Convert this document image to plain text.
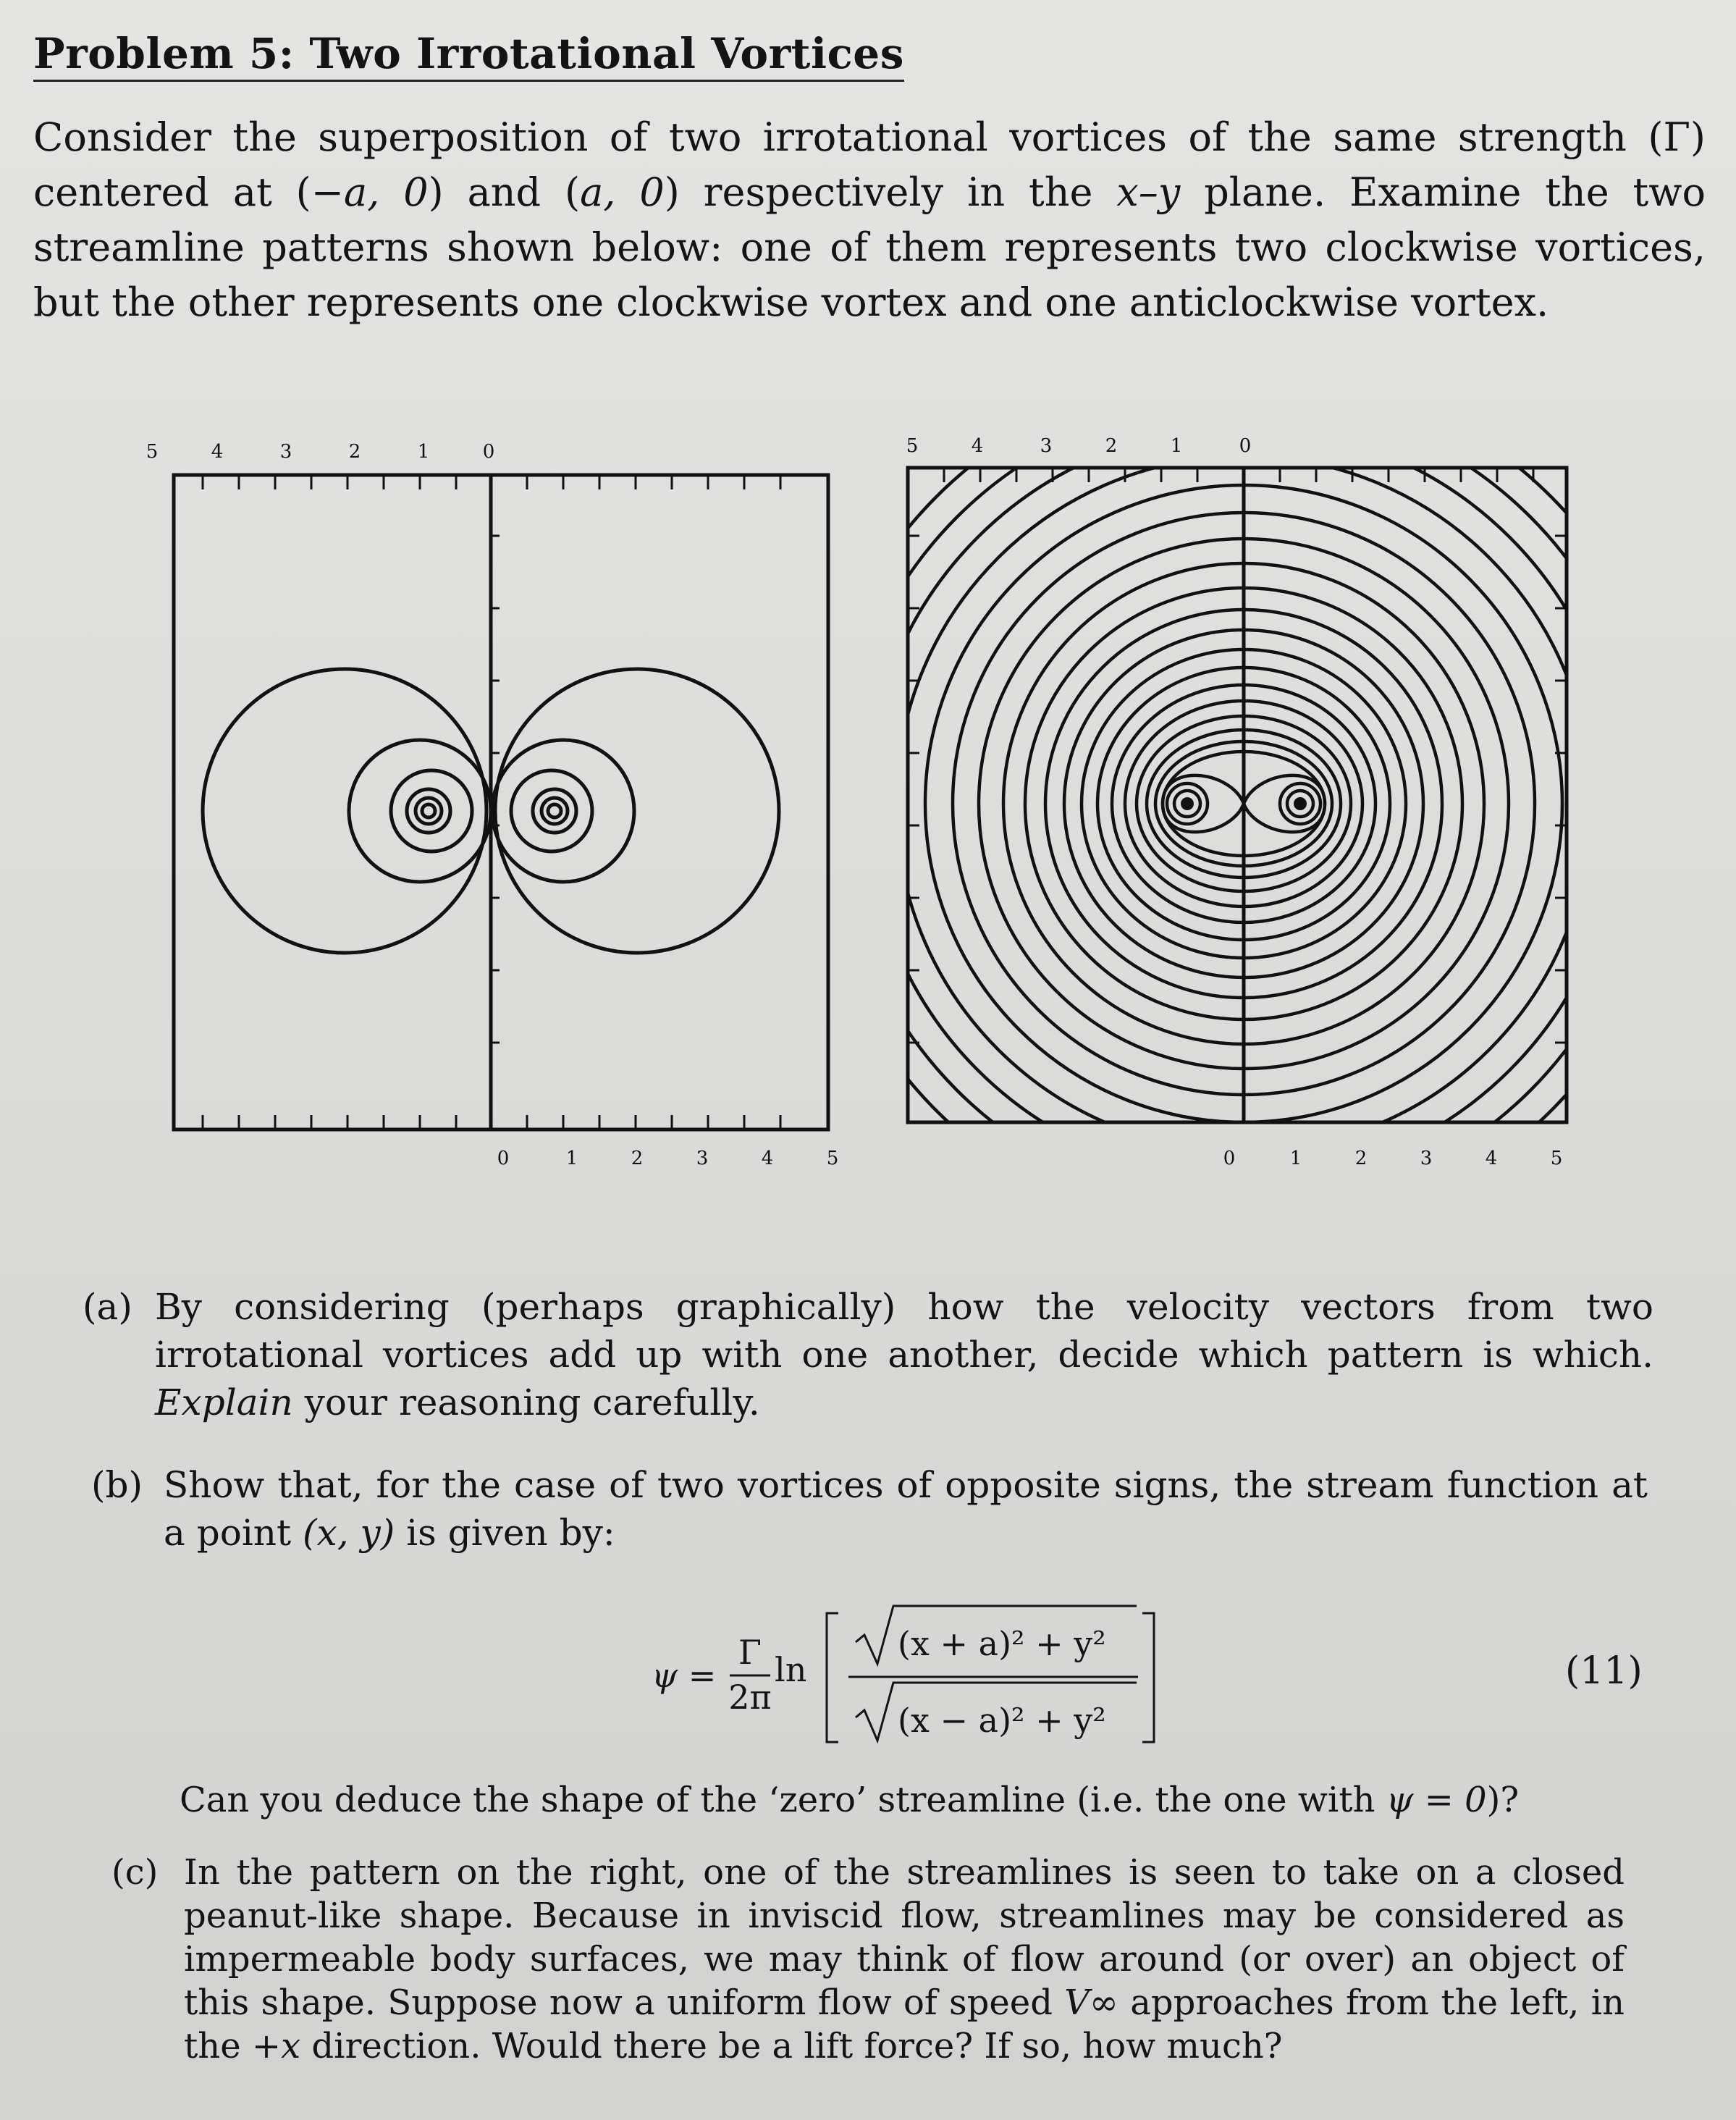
Problem 5: Two Irrotational Vortices

Consider the superposition of two irrotational vortices of the same strength (Γ) centered at (−a, 0) and (a, 0) respectively in the x–y plane. Examine the two streamline patterns shown below: one of them represents two clockwise vortices, but the other represents one clockwise vortex and one anticlockwise vortex.

5	4	3	2	1	0
0	1	2	3	4	5
5	4	3	2	1	0
0	1	2	3	4	5

(a) By considering (perhaps graphically) how the velocity vectors from two irrotational vortices add up with one another, decide which pattern is which. Explain your reasoning carefully.

(b) Show that, for the case of two vortices of opposite signs, the stream function at a point (x, y) is given by:

ψ =
Γ
2π
ln
(x + a)² + y²
(x − a)² + y²
(11)
Can you deduce the shape of the ‘zero’ streamline (i.e. the one with ψ = 0)?

(c) In the pattern on the right, one of the streamlines is seen to take on a closed peanut-like shape. Because in inviscid flow, streamlines may be considered as impermeable body surfaces, we may think of flow around (or over) an object of this shape. Suppose now a uniform flow of speed V∞ approaches from the left, in the +x direction. Would there be a lift force? If so, how much?
